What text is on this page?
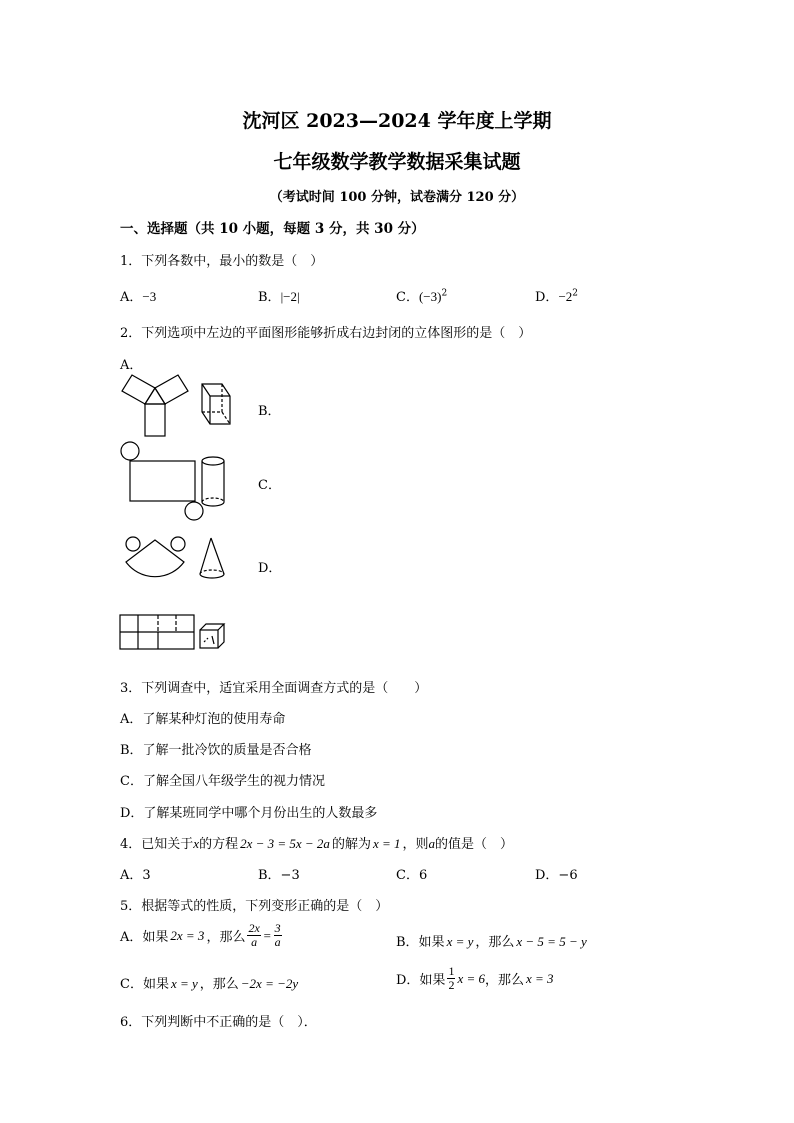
沈河区 2023—2024 学年度上学期
七年级数学教学数据采集试题
（考试时间 100 分钟，试卷满分 120 分）
一、选择题（共 10 小题，每题 3 分，共 30 分）
1．下列各数中，最小的数是（　）
A．−3	B．|−2|	C．$(-3)^2$	D．$-2^2$
2．下列选项中左边的平面图形能够折成右边封闭的立体图形的是（　）
A．
B．
C．
D．
3．下列调查中，适宜采用全面调查方式的是（　　）
A．了解某种灯泡的使用寿命
B．了解一批冷饮的质量是否合格
C．了解全国八年级学生的视力情况
D．了解某班同学中哪个月份出生的人数最多
4．已知关于x的方程 2x − 3 = 5x − 2a 的解为 x = 1 ，则a的值是（　）
A．3	B．−3	C．6	D．−6
5．根据等式的性质，下列变形正确的是（　）
A．如果 2x = 3 ，那么 $\frac{2x}{a} = \frac{3}{a}$	B．如果 x = y ，那么 x − 5 = 5 − y
C．如果 x = y ，那么 −2x = −2y	D．如果 $\frac{1}{2}$ x = 6 ，那么 x = 3
6．下列判断中不正确的是（　）．
